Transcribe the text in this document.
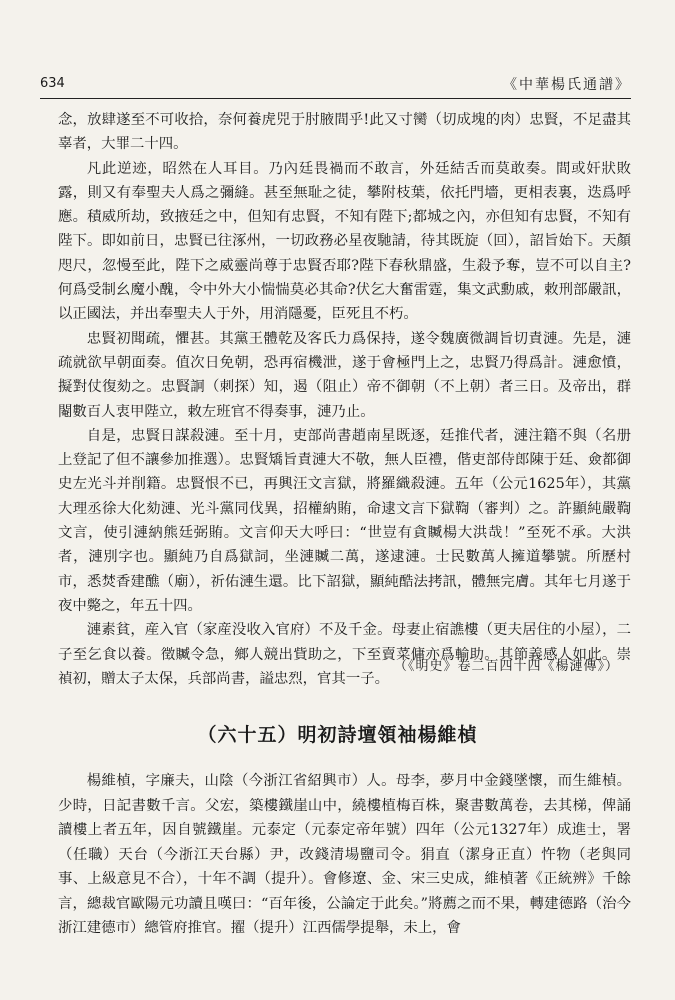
634	《中華楊氏通譜》

念，放肆遂至不可收拾，奈何養虎兕于肘腋間乎!此又寸臠（切成塊的肉）忠賢，不足盡其辜者，大罪二十四。

凡此逆迹，昭然在人耳目。乃內廷畏禍而不敢言，外廷結舌而莫敢奏。間或奸狀敗露，則又有奉聖夫人爲之彌縫。甚至無耻之徒，攀附枝葉，依托門墻，更相表裏，迭爲呼應。積威所劫，致掖廷之中，但知有忠賢，不知有陛下;都城之內，亦但知有忠賢，不知有陛下。即如前日，忠賢已往涿州，一切政務必星夜馳請，待其既旋（回），詔旨始下。天顏咫尺，忽慢至此，陛下之威靈尚尊于忠賢否耶?陛下春秋鼎盛，生殺予奪，豈不可以自主?何爲受制幺魔小醜，令中外大小惴惴莫必其命?伏乞大奮雷霆，集文武勳戚，敕刑部嚴訊，以正國法，并出奉聖夫人于外，用消隱憂，臣死且不朽。

忠賢初聞疏，懼甚。其黨王體乾及客氏力爲保持，遂令魏廣微調旨切責漣。先是，漣疏就欲早朝面奏。值次日免朝，恐再宿機泄，遂于會極門上之，忠賢乃得爲計。漣愈憤，擬對仗復劾之。忠賢詗（刺探）知，遏（阻止）帝不御朝（不上朝）者三日。及帝出，群閹數百人衷甲陛立，敕左班官不得奏事，漣乃止。

自是，忠賢日謀殺漣。至十月，吏部尚書趙南星既逐，廷推代者，漣注籍不與（名册上登記了但不讓參加推選）。忠賢矯旨責漣大不敬，無人臣禮，偕吏部侍郎陳于廷、僉都御史左光斗并削籍。忠賢恨不已，再興汪文言獄，將羅織殺漣。五年（公元1625年），其黨大理丞徐大化劾漣、光斗黨同伐異，招權納賄，命逮文言下獄鞫（審判）之。許顯純嚴鞫文言，使引漣納熊廷弼賄。文言仰天大呼曰：“世豈有貪贓楊大洪哉！”至死不承。大洪者，漣別字也。顯純乃自爲獄詞，坐漣贓二萬，遂逮漣。士民數萬人擁道攀號。所歷村市，悉焚香建醮（廟），祈佑漣生還。比下詔獄，顯純酷法拷訊，體無完膚。其年七月遂于夜中斃之，年五十四。

漣素貧，産入官（家産没收入官府）不及千金。母妻止宿譙樓（更夫居住的小屋），二子至乞食以養。徵贓令急，鄉人競出貲助之，下至賣菜傭亦爲輸助。其節義感人如此。崇禎初，贈太子太保，兵部尚書，謚忠烈，官其一子。

（《明史》卷二百四十四《楊漣傳》）
（六十五）明初詩壇領袖楊維楨

楊維楨，字廉夫，山陰（今浙江省紹興市）人。母李，夢月中金錢墜懷，而生維楨。少時，日記書數千言。父宏，築樓鐵崖山中，繞樓植梅百株，聚書數萬卷，去其梯，俾誦讀樓上者五年，因自號鐵崖。元泰定（元泰定帝年號）四年（公元1327年）成進士，署（任職）天台（今浙江天台縣）尹，改錢清場鹽司令。狷直（潔身正直）忤物（老與同事、上級意見不合），十年不調（提升）。會修遼、金、宋三史成，維楨著《正統辨》千餘言，總裁官歐陽元功讀且嘆曰：“百年後，公論定于此矣。”將薦之而不果，轉建德路（治今浙江建德市）總管府推官。擢（提升）江西儒學提舉，未上，會
